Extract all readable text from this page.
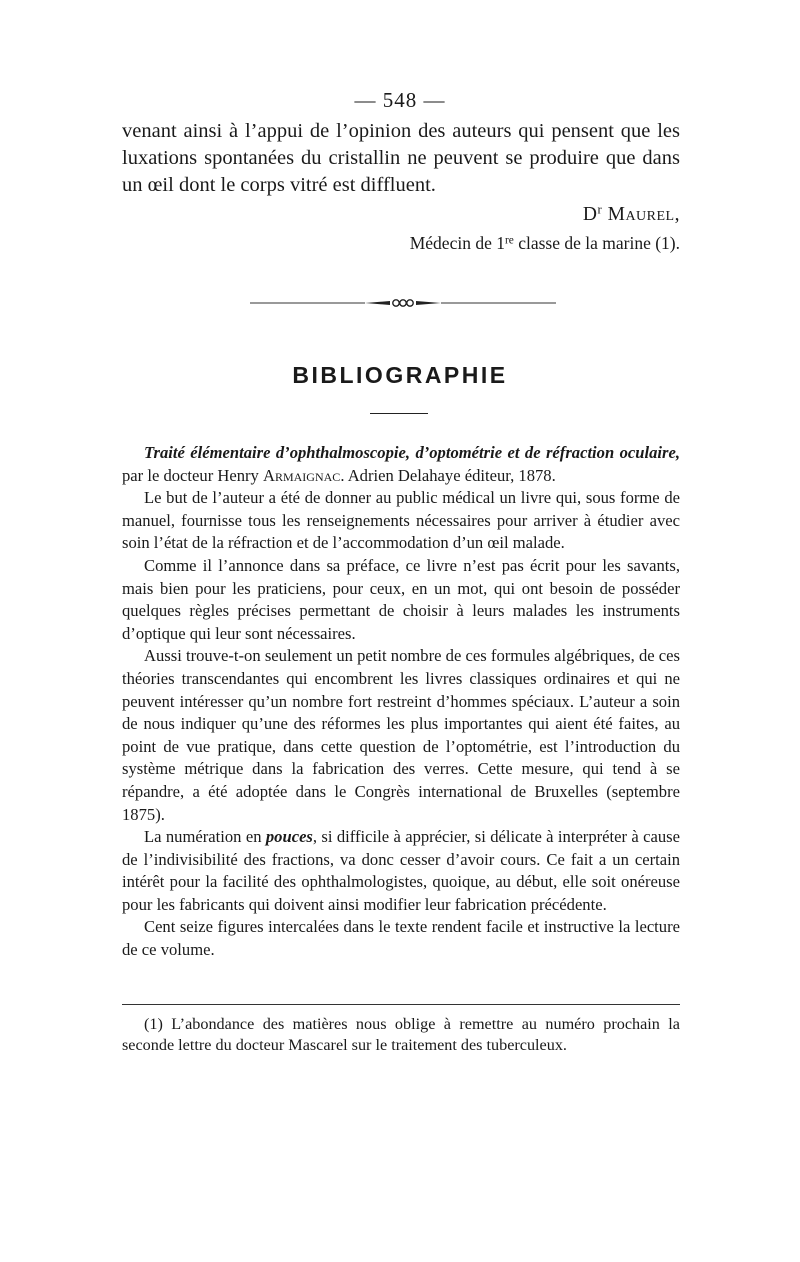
— 548 —
venant ainsi à l’appui de l’opinion des auteurs qui pensent que les luxations spontanées du cristallin ne peuvent se produire que dans un œil dont le corps vitré est diffluent.
$D^r$ Maurel,
Médecin de 1re classe de la marine (1).
BIBLIOGRAPHIE

Traité élémentaire d’ophthalmoscopie, d’optométrie et de réfraction oculaire, par le docteur Henry Armaignac. Adrien Delahaye éditeur, 1878.

Le but de l’auteur a été de donner au public médical un livre qui, sous forme de manuel, fournisse tous les renseignements nécessaires pour arriver à étudier avec soin l’état de la réfraction et de l’accommodation d’un œil malade.

Comme il l’annonce dans sa préface, ce livre n’est pas écrit pour les savants, mais bien pour les praticiens, pour ceux, en un mot, qui ont besoin de posséder quelques règles précises permettant de choisir à leurs malades les instruments d’optique qui leur sont nécessaires.

Aussi trouve-t-on seulement un petit nombre de ces formules algébriques, de ces théories transcendantes qui encombrent les livres classiques ordinaires et qui ne peuvent intéresser qu’un nombre fort restreint d’hommes spéciaux. L’auteur a soin de nous indiquer qu’une des réformes les plus importantes qui aient été faites, au point de vue pratique, dans cette question de l’optométrie, est l’introduction du système métrique dans la fabrication des verres. Cette mesure, qui tend à se répandre, a été adoptée dans le Congrès international de Bruxelles (septembre 1875).

La numération en pouces, si difficile à apprécier, si délicate à interpréter à cause de l’indivisibilité des fractions, va donc cesser d’avoir cours. Ce fait a un certain intérêt pour la facilité des ophthalmologistes, quoique, au début, elle soit onéreuse pour les fabricants qui doivent ainsi modifier leur fabrication précédente.

Cent seize figures intercalées dans le texte rendent facile et instructive la lecture de ce volume.

(1) L’abondance des matières nous oblige à remettre au numéro prochain la seconde lettre du docteur Mascarel sur le traitement des tuberculeux.
